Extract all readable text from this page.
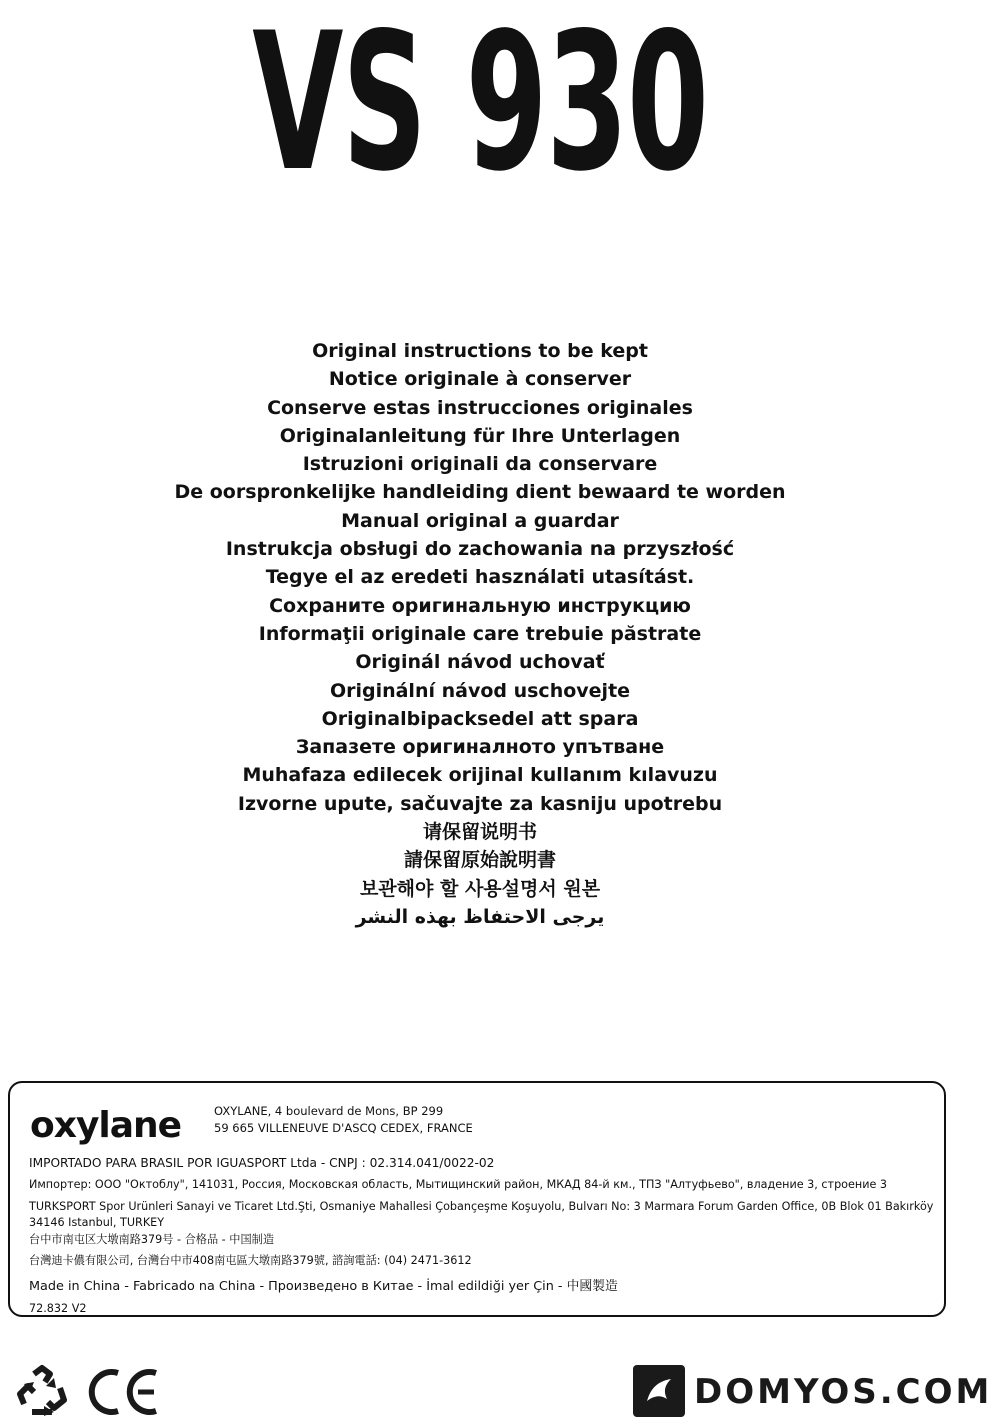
VS 930
Original instructions to be kept
Notice originale à conserver
Conserve estas instrucciones originales
Originalanleitung für Ihre Unterlagen
Istruzioni originali da conservare
De oorspronkelijke handleiding dient bewaard te worden
Manual original a guardar
Instrukcja obsługi do zachowania na przyszłość
Tegye el az eredeti használati utasítást.
Сохраните оригинальную инструкцию
Informaţii originale care trebuie păstrate
Originál návod uchovať
Originální návod uschovejte
Originalbipacksedel att spara
Запазете оригиналното упътване
Muhafaza edilecek orijinal kullanım kılavuzu
Izvorne upute, sačuvajte za kasniju upotrebu
请保留说明书
請保留原始說明書
보관해야 할 사용설명서 원본
يرجى الاحتفاظ بهذه النشر
oxylane	OXYLANE, 4 boulevard de Mons, BP 299
59 665 VILLENEUVE D'ASCQ CEDEX, FRANCE
IMPORTADO PARA BRASIL POR IGUASPORT Ltda - CNPJ : 02.314.041/0022-02
Импортер: ООО "Октоблу", 141031, Россия, Московская область, Мытищинский район, МКАД 84-й км., ТПЗ "Алтуфьево", владение 3, строение 3
TURKSPORT Spor Urünleri Sanayi ve Ticaret Ltd.Şti, Osmaniye Mahallesi Çobançeşme Koşuyolu, Bulvarı No: 3 Marmara Forum Garden Office, 0B Blok 01 Bakırköy
34146 Istanbul, TURKEY
台中市南屯区大墩南路379号 - 合格品 - 中国制造
台灣迪卡儂有限公司, 台灣台中市408南屯區大墩南路379號, 諮詢電話: (04) 2471-3612
Made in China - Fabricado na China - Произведено в Китае - İmal edildiği yer Çin - 中國製造
72.832 V2
DOMYOS.COM
